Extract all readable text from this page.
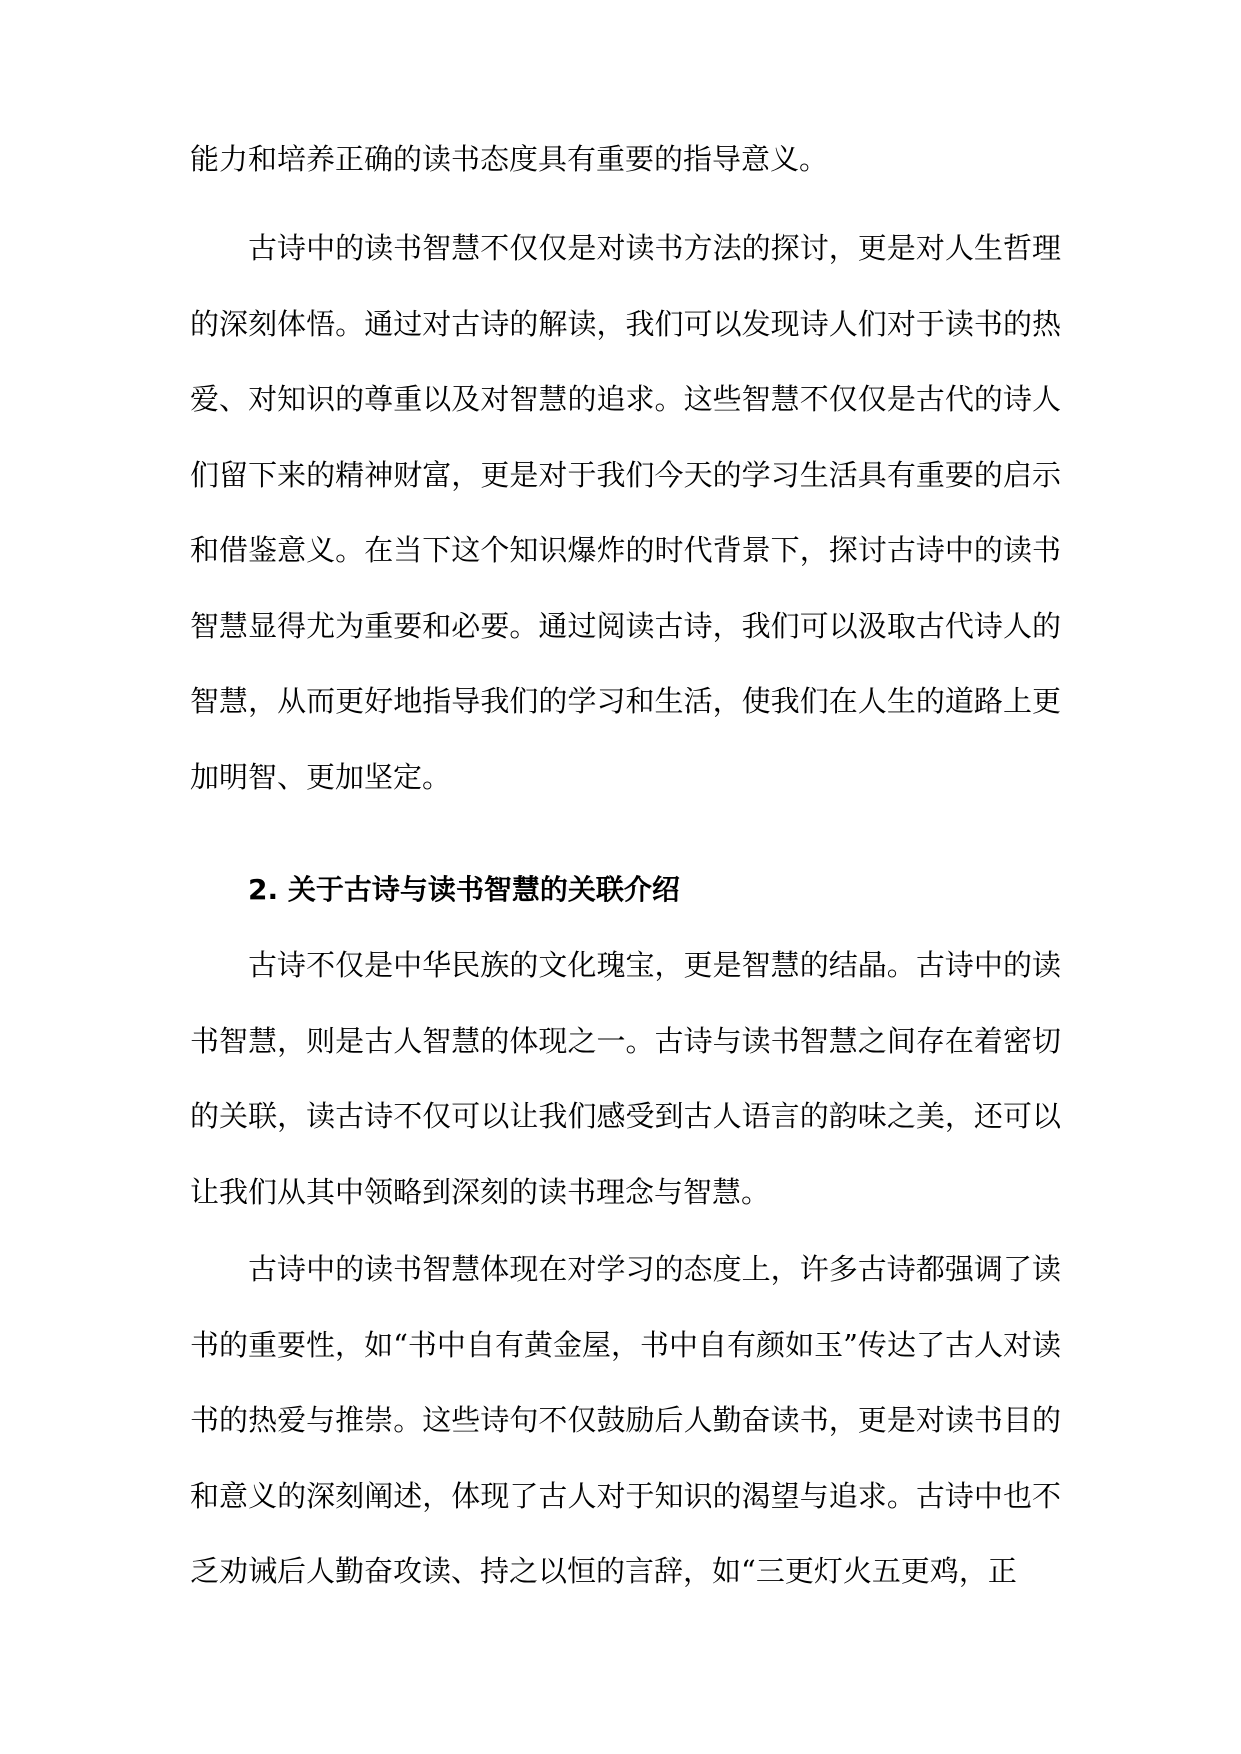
能力和培养正确的读书态度具有重要的指导意义。

古诗中的读书智慧不仅仅是对读书方法的探讨，更是对人生哲理的深刻体悟。通过对古诗的解读，我们可以发现诗人们对于读书的热爱、对知识的尊重以及对智慧的追求。这些智慧不仅仅是古代的诗人们留下来的精神财富，更是对于我们今天的学习生活具有重要的启示和借鉴意义。在当下这个知识爆炸的时代背景下，探讨古诗中的读书智慧显得尤为重要和必要。通过阅读古诗，我们可以汲取古代诗人的智慧，从而更好地指导我们的学习和生活，使我们在人生的道路上更加明智、更加坚定。

2. 关于古诗与读书智慧的关联介绍

古诗不仅是中华民族的文化瑰宝，更是智慧的结晶。古诗中的读书智慧，则是古人智慧的体现之一。古诗与读书智慧之间存在着密切的关联，读古诗不仅可以让我们感受到古人语言的韵味之美，还可以让我们从其中领略到深刻的读书理念与智慧。

古诗中的读书智慧体现在对学习的态度上，许多古诗都强调了读书的重要性，如“书中自有黄金屋，书中自有颜如玉”传达了古人对读书的热爱与推崇。这些诗句不仅鼓励后人勤奋读书，更是对读书目的和意义的深刻阐述，体现了古人对于知识的渴望与追求。古诗中也不乏劝诫后人勤奋攻读、持之以恒的言辞，如“三更灯火五更鸡，正
